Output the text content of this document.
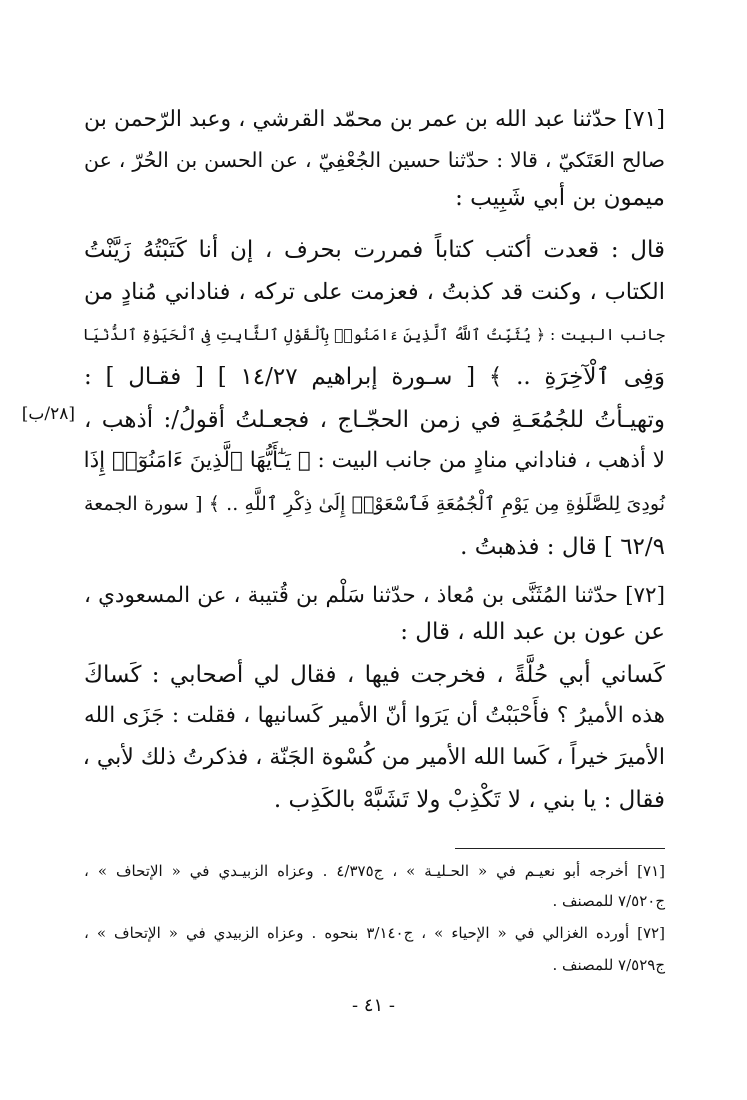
[٧١] حدّثنا عبد الله بن عمر بن محمّد القرشي ، وعبد الرّحمن بن
صالح العَتَكيّ ، قالا : حدّثنا حسين الجُعْفِيّ ، عن الحسن بن الحُرّ ، عن
ميمون بن أبي شَبِيب :
قال : قعدت أكتب كتاباً فمررت بحرف ، إن أنا كَتَبْتُهُ زَيَّنْتُ
الكتاب ، وكنت قد كذبتُ ، فعزمت على تركه ، فناداني مُنادٍ من
جانب البيت : ﴿ يُثَبِّتُ ٱللَّهُ ٱلَّذِينَ ءَامَنُوا۟ بِٱلْقَوْلِ ٱلثَّابِتِ فِى ٱلْحَيَوٰةِ ٱلدُّنْيَا
وَفِى ٱلْآخِرَةِ .. ﴾ [ سـورة إبراهيم ١٤/٢٧ ] [ فقـال ] :
وتهيـأتُ للجُمُعَـةِ في زمن الحجّـاج ، فجعـلتُ أقولُ/: أذهب ،
لا أذهب ، فناداني منادٍ من جانب البيت : ﴿ يَـٰٓأَيُّهَا ٱلَّذِينَ ءَامَنُوٓا۟ إِذَا
نُودِىَ لِلصَّلَوٰةِ مِن يَوْمِ ٱلْجُمُعَةِ فَٱسْعَوْا۟ إِلَىٰ ذِكْرِ ٱللَّهِ .. ﴾ [ سورة الجمعة
٦٢/٩ ] قال : فذهبتُ .
[٢٨/ب]
[٧٢] حدّثنا المُثَنَّى بن مُعاذ ، حدّثنا سَلْم بن قُتيبة ، عن المسعودي ،
عن عون بن عبد الله ، قال :
كَساني أبي حُلَّةً ، فخرجت فيها ، فقال لي أصحابي : كَساكَ
هذه الأميرُ ؟ فأَحْبَبْتُ أن يَرَوا أنّ الأمير كَسانيها ، فقلت : جَزَى الله
الأميرَ خيراً ، كَسا الله الأمير من كُسْوة الجَنّة ، فذكرتُ ذلك لأبي ،
فقال : يا بني ، لا تَكْذِبْ ولا تَشَبَّهْ بالكَذِب .
[٧١] أخرجه أبو نعيـم في « الحـليـة » ، ج٤/٣٧٥ . وعزاه الزبيـدي في « الإتحاف » ،
ج٧/٥٢٠ للمصنف .
[٧٢] أورده الغزالي في « الإحياء » ، ج٣/١٤٠ بنحوه . وعزاه الزبيدي في « الإتحاف » ،
ج٧/٥٢٩ للمصنف .
- ٤١ -
